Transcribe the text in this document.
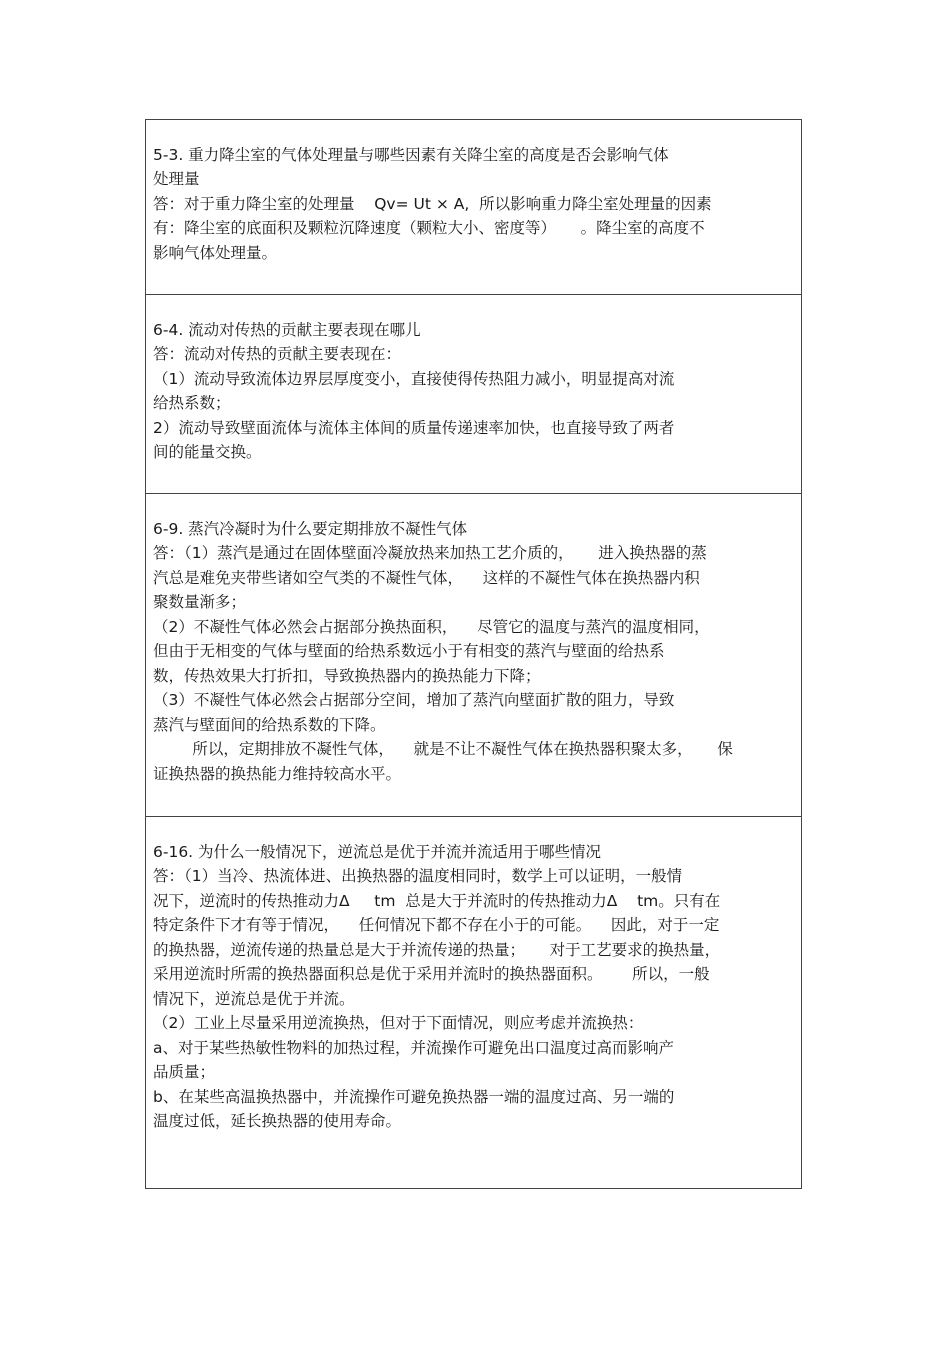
5-3. 重力降尘室的气体处理量与哪些因素有关降尘室的高度是否会影响气体
处理量
答：对于重力降尘室的处理量    Qv= Ut × A,  所以影响重力降尘室处理量的因素
有：降尘室的底面积及颗粒沉降速度（颗粒大小、密度等）     。降尘室的高度不
影响气体处理量。
6-4. 流动对传热的贡献主要表现在哪儿
答：流动对传热的贡献主要表现在：
（1）流动导致流体边界层厚度变小，直接使得传热阻力减小，明显提高对流
给热系数；
2）流动导致壁面流体与流体主体间的质量传递速率加快，也直接导致了两者
间的能量交换。
6-9. 蒸汽冷凝时为什么要定期排放不凝性气体
答：（1）蒸汽是通过在固体壁面冷凝放热来加热工艺介质的，     进入换热器的蒸
汽总是难免夹带些诸如空气类的不凝性气体，    这样的不凝性气体在换热器内积
聚数量渐多；
（2）不凝性气体必然会占据部分换热面积，    尽管它的温度与蒸汽的温度相同，
但由于无相变的气体与壁面的给热系数远小于有相变的蒸汽与壁面的给热系
数，传热效果大打折扣，导致换热器内的换热能力下降；
（3）不凝性气体必然会占据部分空间，增加了蒸汽向壁面扩散的阻力，导致
蒸汽与壁面间的给热系数的下降。
所以，定期排放不凝性气体，    就是不让不凝性气体在换热器积聚太多，     保
证换热器的换热能力维持较高水平。
6-16. 为什么一般情况下，逆流总是优于并流并流适用于哪些情况
答：（1）当冷、热流体进、出换热器的温度相同时，数学上可以证明，一般情
况下，逆流时的传热推动力Δ     tm  总是大于并流时的传热推动力Δ    tm。只有在
特定条件下才有等于情况，    任何情况下都不存在小于的可能。    因此，对于一定
的换热器，逆流传递的热量总是大于并流传递的热量；     对于工艺要求的换热量，
采用逆流时所需的换热器面积总是优于采用并流时的换热器面积。      所以，一般
情况下，逆流总是优于并流。
（2）工业上尽量采用逆流换热，但对于下面情况，则应考虑并流换热：
a、对于某些热敏性物料的加热过程，并流操作可避免出口温度过高而影响产
品质量；
b、在某些高温换热器中，并流操作可避免换热器一端的温度过高、另一端的
温度过低，延长换热器的使用寿命。
